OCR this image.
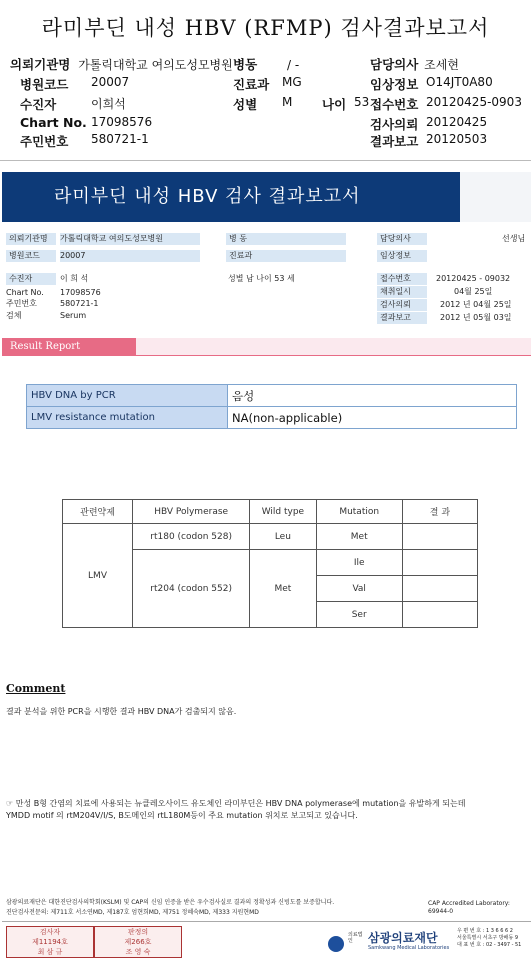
라미부딘 내성 HBV (RFMP) 검사결과보고서
의뢰기관명 가톨릭대학교 여의도성모병원 병동 / -	담당의사 조세현
병원코드 20007	진료과 MG	임상정보 O14JT0A80
수진자	이희석	성별 M 나이 53 접수번호 20120425-0903
Chart No. 17098576	검사의뢰 20120425
주민번호 580721-1	결과보고 20120503
라미부딘 내성 HBV 검사 결과보고서
의뢰기관명	가톨릭대학교 여의도성모병원	병 동	담당의사	선생님
병원코드	20007	진료과	임상정보
수진자	이 희 석	성별 남 나이 53 세
Chart No. 17098576
주민번호	580721-1
검체	Serum
접수번호	20120425 - 09032
채취일시	04월 25일
검사의뢰	2012 년 04월 25일
결과보고	2012 년 05월 03일
Result Report
HBV DNA by PCR	음성
LMV resistance mutation	NA(non-applicable)
관련약제	HBV Polymerase	Wild type	Mutation	결 과
LMV	rt180 (codon 528)	Leu	Met	
	rt204 (codon 552)	Met	Ile	
			Val	
			Ser	
Comment
결과 분석을 위한 PCR을 시행한 결과 HBV DNA가 검출되지 않음.
☞ 만성 B형 간염의 치료에 사용되는 뉴클레오사이드 유도체인 라미부딘은 HBV DNA polymerase에 mutation을 유발하게 되는데
YMDD motif 의 rtM204V/I/S, B도메인의 rtL180M등이 주요 mutation 위치로 보고되고 있습니다.
삼광의료재단은 대한진단검사의학회(KSLM) 및 CAP의 신임 인증을 받은 우수검사실로 결과의 정확성과 신빙도를 보증합니다.
진단검사전문의: 제711호 서소연MD, 제187호 엄현희MD, 제751 정혜숙MD, 제333 지원현MD
CAP Accredited Laboratory: 69944-0
검사자
제11194호
최 삼 규
판정의
제266호
조 영 숙
의료법인	삼광의료재단
Samkwang Medical Laboratories
우 편 번 호 : 1 3 6 6 6 2
서울특별시 서초구 방배동 9
대 표 번 호 : 02 - 3497 - 51
